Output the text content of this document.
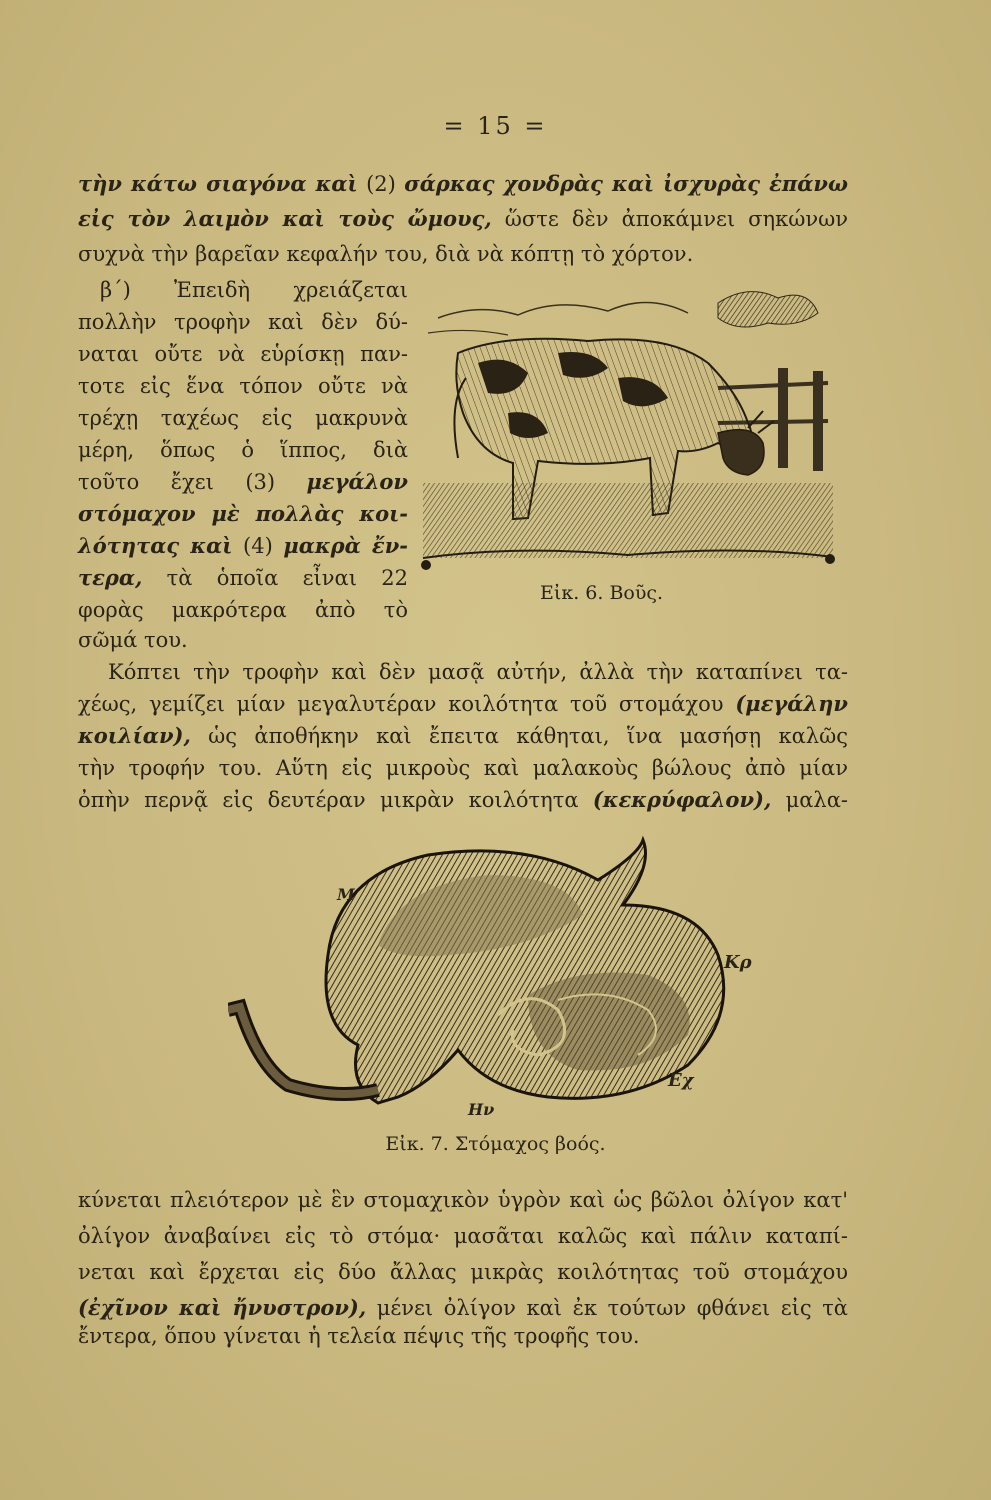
= 15 =
τὴν κάτω σιαγόνα καὶ (2) σάρκας χονδρὰς καὶ ἰσχυρὰς ἐπάνω
εἰς τὸν λαιμὸν καὶ τοὺς ὤμους, ὥστε δὲν ἀποκάμνει σηκώνων
συχνὰ τὴν βαρεῖαν κεφαλήν του, διὰ νὰ κόπτῃ τὸ χόρτον.
β΄) Ἐπειδὴ χρειάζεται
πολλὴν τροφὴν καὶ δὲν δύ-
ναται οὔτε νὰ εὑρίσκῃ παν-
τοτε εἰς ἕνα τόπον οὔτε νὰ
τρέχῃ ταχέως εἰς μακρυνὰ
μέρη, ὅπως ὁ ἵππος, διὰ
τοῦτο ἔχει (3) μεγάλον
στόμαχον μὲ πολλὰς κοι-
λότητας καὶ (4) μακρὰ ἔν-
τερα, τὰ ὁποῖα εἶναι 22
φορὰς μακρότερα ἀπὸ τὸ
σῶμά του.
Εἰκ. 6. Βοῦς.
Κόπτει τὴν τροφὴν καὶ δὲν μασᾷ αὐτήν, ἀλλὰ τὴν καταπίνει τα-
χέως, γεμίζει μίαν μεγαλυτέραν κοιλότητα τοῦ στομάχου (μεγάλην
κοιλίαν), ὡς ἀποθήκην καὶ ἔπειτα κάθηται, ἵνα μασήσῃ καλῶς
τὴν τροφήν του. Αὕτη εἰς μικροὺς καὶ μαλακοὺς βώλους ἀπὸ μίαν
ὀπὴν περνᾷ εἰς δευτέραν μικρὰν κοιλότητα (κεκρύφαλον), μαλα-
Μ
Κρ
Εχ
Ην
Εἰκ. 7. Στόμαχος βοός.
κύνεται πλειότερον μὲ ἓν στομαχικὸν ὑγρὸν καὶ ὡς βῶλοι ὀλίγον κατ'
ὀλίγον ἀναβαίνει εἰς τὸ στόμα· μασᾶται καλῶς καὶ πάλιν καταπί-
νεται καὶ ἔρχεται εἰς δύο ἄλλας μικρὰς κοιλότητας τοῦ στομάχου
(ἐχῖνον καὶ ἤνυστρον), μένει ὀλίγον καὶ ἐκ τούτων φθάνει εἰς τὰ
ἔντερα, ὅπου γίνεται ἡ τελεία πέψις τῆς τροφῆς του.
